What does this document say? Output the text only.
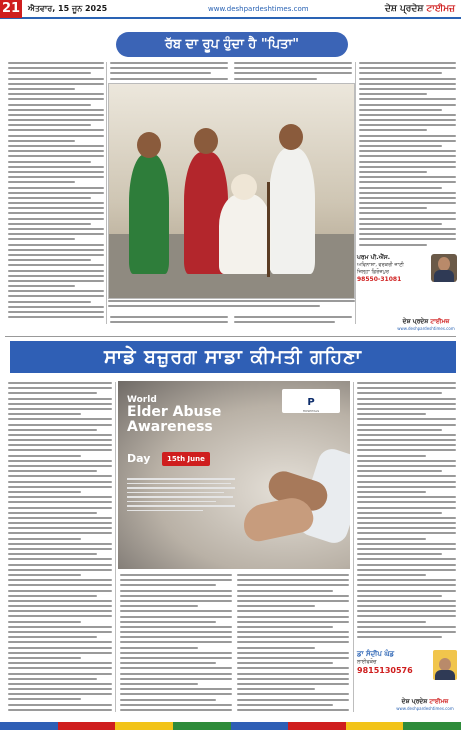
21 ਐਤਵਾਰ, 15 ਜੂਨ 2025	www.deshpardeshtimes.com	ਦੇਸ਼ ਪ੍ਰਦੇਸ਼ ਟਾਈਮਜ਼
ਰੱਬ ਦਾ ਰੂਪ ਹੁੰਦਾ ਹੈ "ਪਿਤਾ"
ਪਰਮ ਪੀ.ਐੱਸ.
ਅਵਿਨਾਸ਼ਾ, ਵਰਕਰੀ ਜਾਣੀ
ਜ਼ਿਲ੍ਹਾ ਫ਼ਿਰੋਜ਼ਪੁਰ
98550-31081
ਦੇਸ਼ ਪ੍ਰਦੇਸ਼ ਟਾਈਮਜ਼
www.deshpardeshtimes.com
ਸਾਡੇ ਬਜ਼ੁਰਗ ਸਾਡਾ ਕੀਮਤੀ ਗਹਿਣਾ
World
Elder Abuse Awareness
Day	15th June
P
HOSPITALS
ਡਾ ਸੰਦੀਪ ਘੰਡ
ਲਾਈਫਕੋਚ
9815130576
ਦੇਸ਼ ਪ੍ਰਦੇਸ਼ ਟਾਈਮਜ਼
www.deshpardeshtimes.com
